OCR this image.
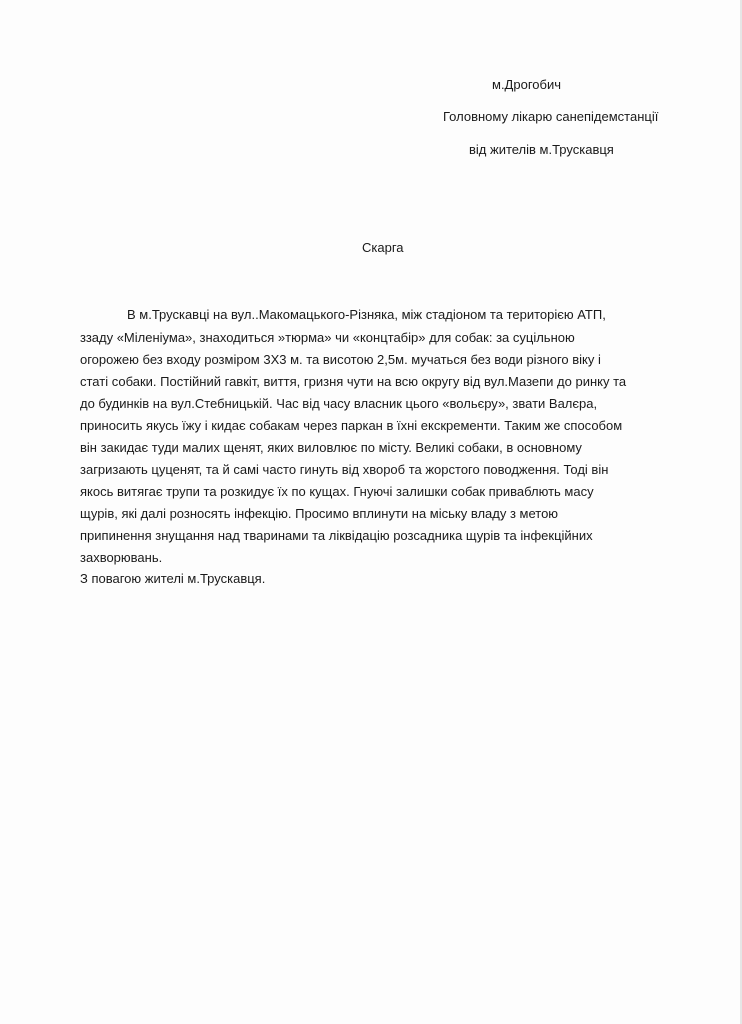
м.Дрогобич
Головному лікарю санепідемстанції
від жителів м.Трускавця
Скарга
В м.Трускавці на вул..Макомацького-Різняка, між стадіоном та територією АТП,
ззаду «Міленіума», знаходиться »тюрма» чи «концтабір» для собак: за суцільною
огорожею без входу розміром 3Х3 м. та висотою 2,5м. мучаться без води різного віку і
статі собаки. Постійний гавкіт, виття, гризня чути на всю округу від вул.Мазепи до ринку та
до будинків на вул.Стебницькій. Час від часу власник цього «вольєру», звати Валєра,
приносить якусь їжу і кидає собакам через паркан в їхні екскременти. Таким же способом
він закидає туди малих щенят, яких виловлює по місту. Великі собаки, в основному
загризають цуценят, та й самі часто гинуть від хвороб та жорстого поводження. Тоді він
якось витягає трупи та розкидує їх по кущах. Гнуючі залишки собак приваблють масу
щурів, які далі розносять інфекцію. Просимо вплинути на міську владу з метою
припинення знущання над тваринами та ліквідацію розсадника щурів та інфекційних
захворювань.
З повагою жителі м.Трускавця.
